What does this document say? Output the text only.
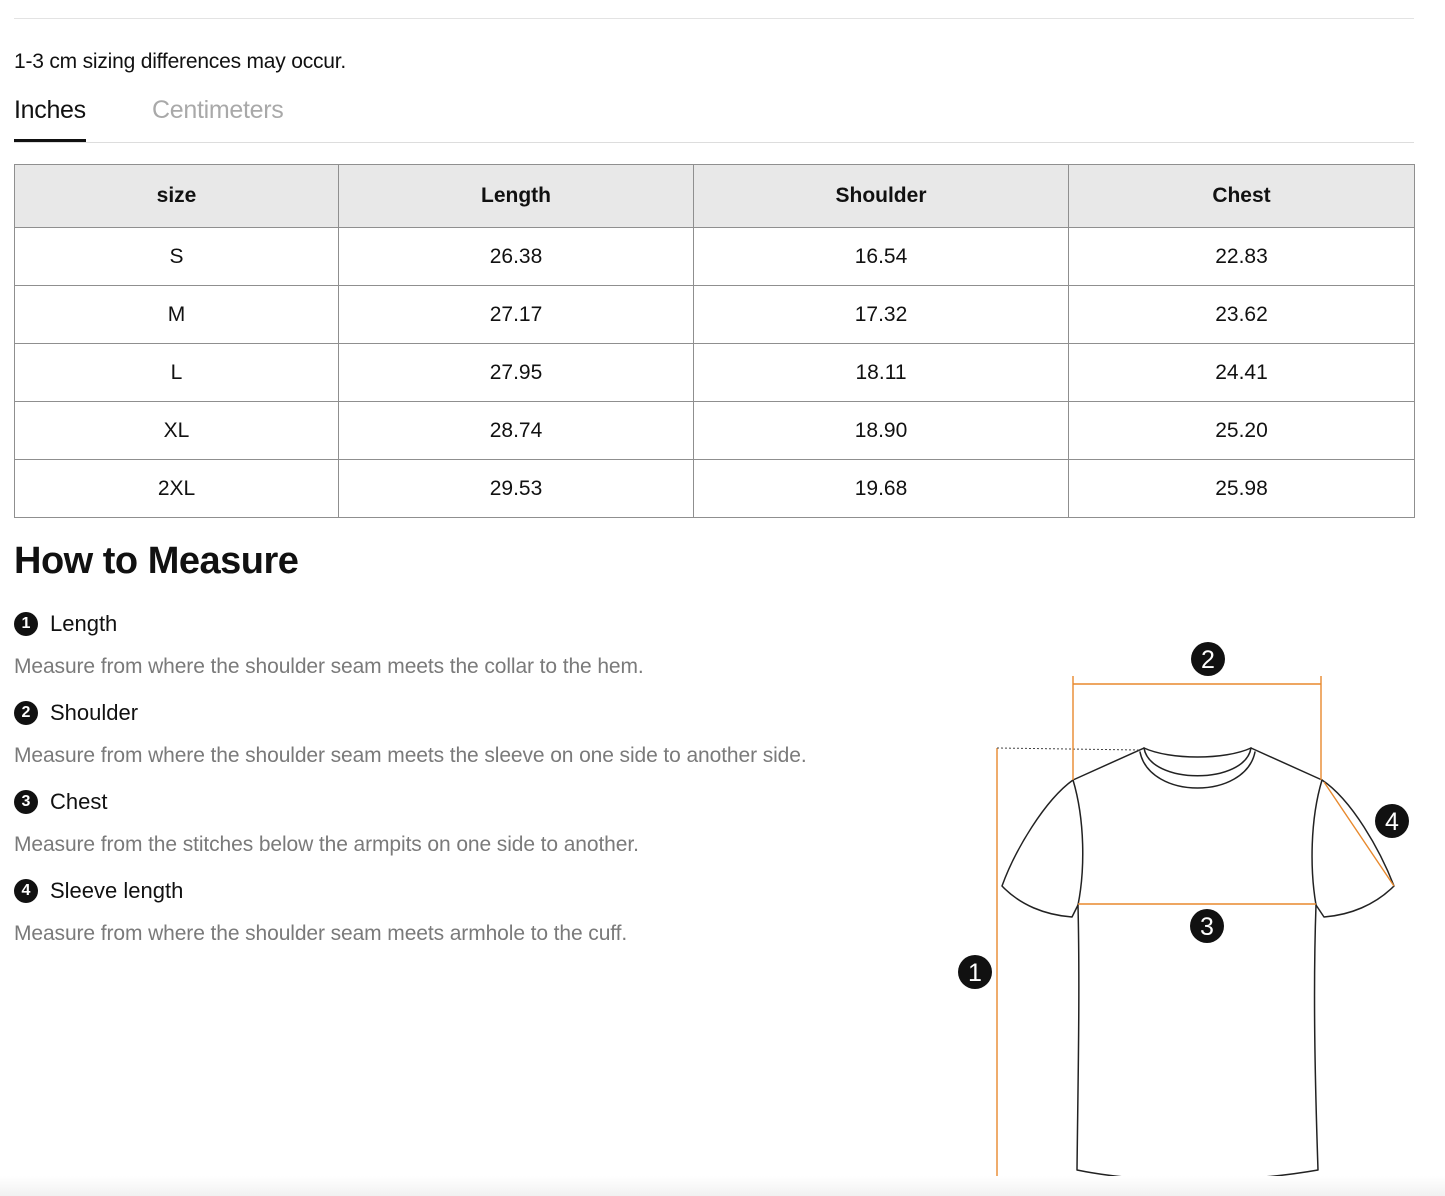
1-3 cm sizing differences may occur.
Inches	Centimeters
size	Length	Shoulder	Chest
S	26.38	16.54	22.83
M	27.17	17.32	23.62
L	27.95	18.11	24.41
XL	28.74	18.90	25.20
2XL	29.53	19.68	25.98
How to Measure
1 Length
Measure from where the shoulder seam meets the collar to the hem.
2 Shoulder
Measure from where the shoulder seam meets the sleeve on one side to another side.
3 Chest
Measure from the stitches below the armpits on one side to another.
4 Sleeve length
Measure from where the shoulder seam meets armhole to the cuff.
2
4
3
1
